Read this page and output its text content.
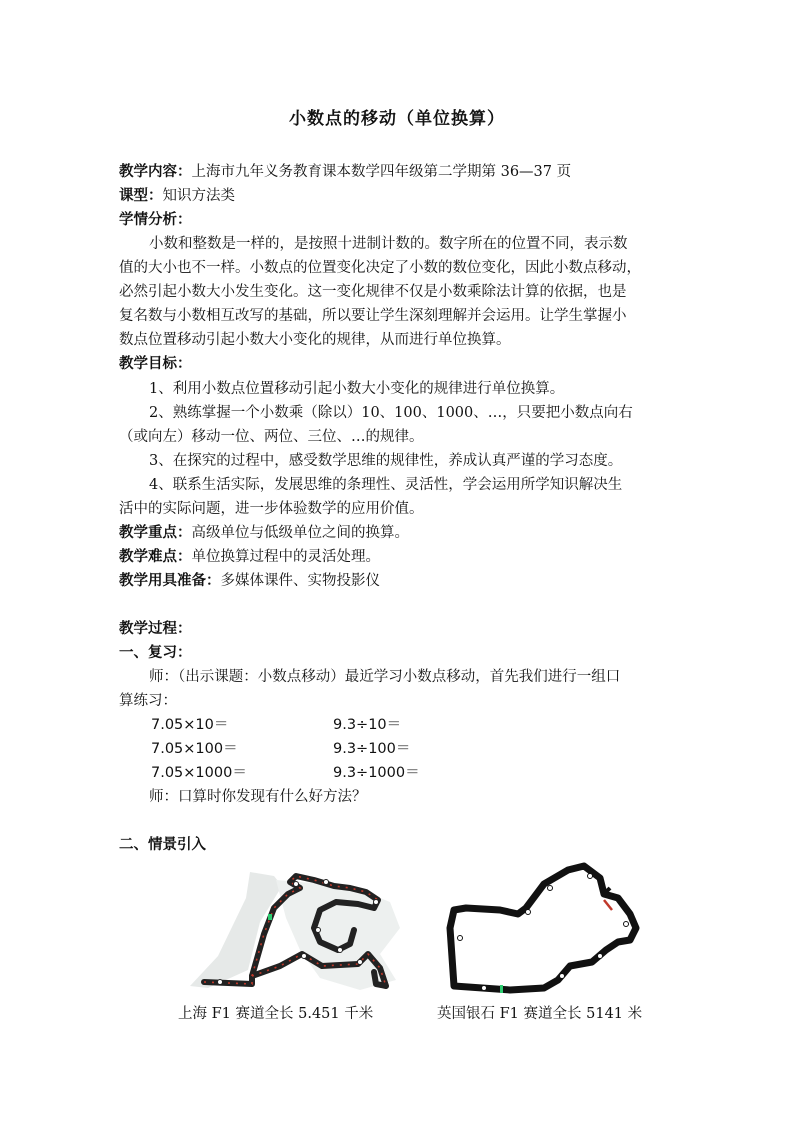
小数点的移动（单位换算）
教学内容：上海市九年义务教育课本数学四年级第二学期第 36—37 页
课型：知识方法类
学情分析：
小数和整数是一样的，是按照十进制计数的。数字所在的位置不同，表示数
值的大小也不一样。小数点的位置变化决定了小数的数位变化，因此小数点移动，
必然引起小数大小发生变化。这一变化规律不仅是小数乘除法计算的依据，也是
复名数与小数相互改写的基础，所以要让学生深刻理解并会运用。让学生掌握小
数点位置移动引起小数大小变化的规律，从而进行单位换算。
教学目标：
1、利用小数点位置移动引起小数大小变化的规律进行单位换算。
2、熟练掌握一个小数乘（除以）10、100、1000、…，只要把小数点向右
（或向左）移动一位、两位、三位、…的规律。
3、在探究的过程中，感受数学思维的规律性，养成认真严谨的学习态度。
4、联系生活实际，发展思维的条理性、灵活性，学会运用所学知识解决生
活中的实际问题，进一步体验数学的应用价值。
教学重点：高级单位与低级单位之间的换算。
教学难点：单位换算过程中的灵活处理。
教学用具准备：多媒体课件、实物投影仪
教学过程：
一、复习：
师：（出示课题：小数点移动）最近学习小数点移动，首先我们进行一组口
算练习：
7.05×10＝	9.3÷10＝
7.05×100＝	9.3÷100＝
7.05×1000＝	9.3÷1000＝
师：口算时你发现有什么好方法？
二、情景引入
上海 F1 赛道全长 5.451 千米	英国银石 F1 赛道全长 5141 米
